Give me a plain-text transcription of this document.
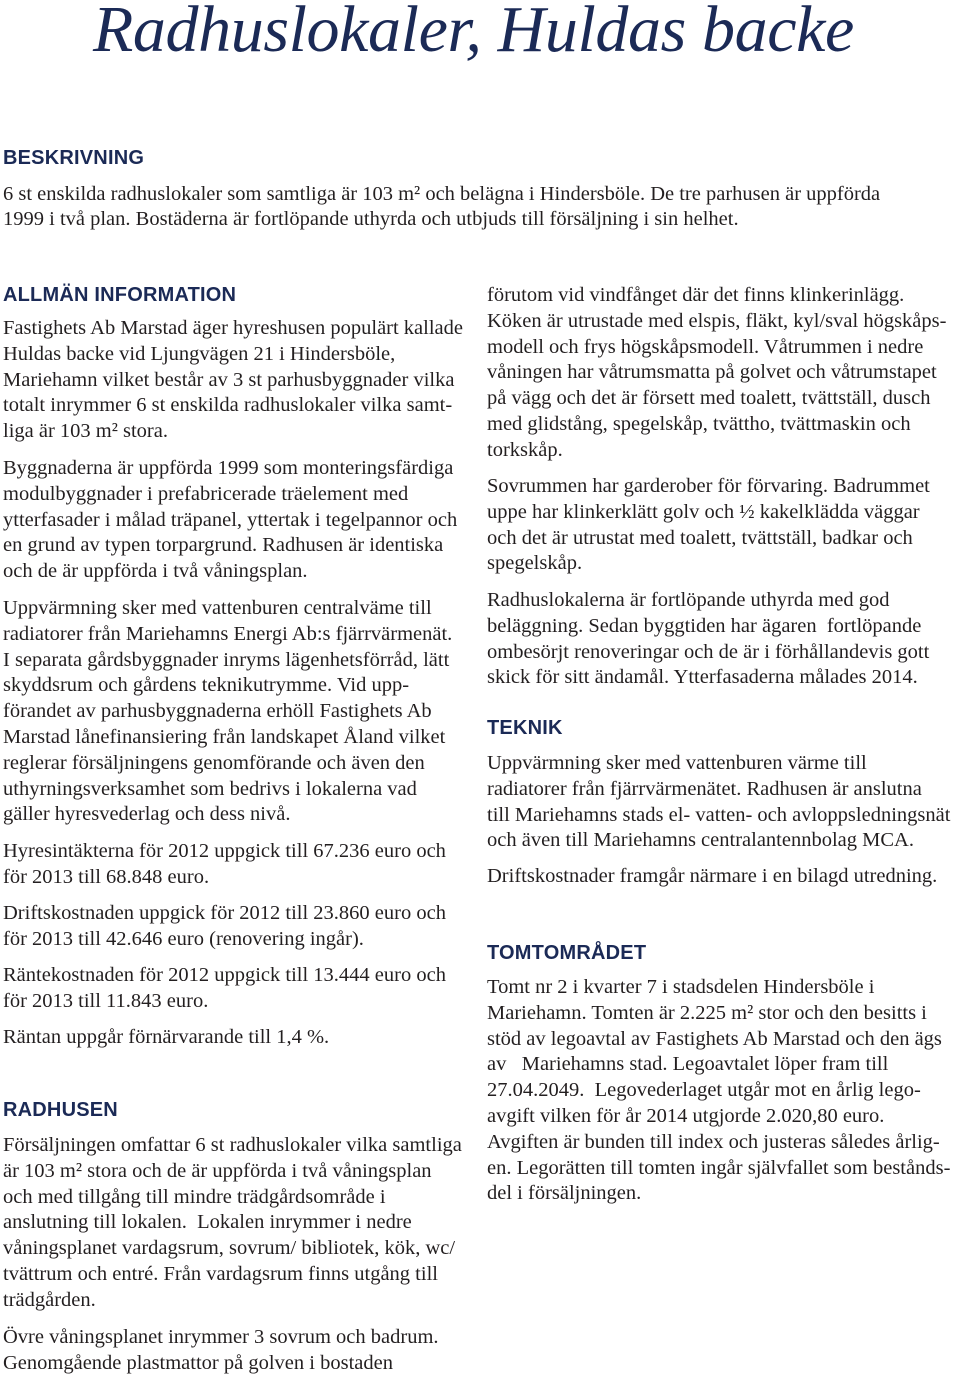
Radhuslokaler, Huldas backe
BESKRIVNING
6 st enskilda radhuslokaler som samtliga är 103 m² och belägna i Hindersböle. De tre parhusen är uppförda
1999 i två plan. Bostäderna är fortlöpande uthyrda och utbjuds till försäljning i sin helhet.
ALLMÄN INFORMATION
Fastighets Ab Marstad äger hyreshusen populärt kallade
Huldas backe vid Ljungvägen 21 i Hindersböle,
Mariehamn vilket består av 3 st parhusbyggnader vilka
totalt inrymmer 6 st enskilda radhuslokaler vilka samt-
liga är 103 m² stora.
Byggnaderna är uppförda 1999 som monteringsfärdiga
modulbyggnader i prefabricerade träelement med
ytterfasader i målad träpanel, yttertak i tegelpannor och
en grund av typen torpargrund. Radhusen är identiska
och de är uppförda i två våningsplan.
Uppvärmning sker med vattenburen centralväme till
radiatorer från Mariehamns Energi Ab:s fjärrvärmenät.
I separata gårdsbyggnader inryms lägenhetsförråd, lätt
skyddsrum och gårdens teknikutrymme. Vid upp-
förandet av parhusbyggnaderna erhöll Fastighets Ab
Marstad lånefinansiering från landskapet Åland vilket
reglerar försäljningens genomförande och även den
uthyrningsverksamhet som bedrivs i lokalerna vad
gäller hyresvederlag och dess nivå.
Hyresintäkterna för 2012 uppgick till 67.236 euro och
för 2013 till 68.848 euro.
Driftskostnaden uppgick för 2012 till 23.860 euro och
för 2013 till 42.646 euro (renovering ingår).
Räntekostnaden för 2012 uppgick till 13.444 euro och
för 2013 till 11.843 euro.
Räntan uppgår förnärvarande till 1,4 %.
RADHUSEN
Försäljningen omfattar 6 st radhuslokaler vilka samtliga
är 103 m² stora och de är uppförda i två våningsplan
och med tillgång till mindre trädgårdsområde i
anslutning till lokalen.  Lokalen inrymmer i nedre
våningsplanet vardagsrum, sovrum/ bibliotek, kök, wc/
tvättrum och entré. Från vardagsrum finns utgång till
trädgården.
Övre våningsplanet inrymmer 3 sovrum och badrum.
Genomgående plastmattor på golven i bostaden
förutom vid vindfånget där det finns klinkerinlägg.
Köken är utrustade med elspis, fläkt, kyl/sval högskåps-
modell och frys högskåpsmodell. Våtrummen i nedre
våningen har våtrumsmatta på golvet och våtrumstapet
på vägg och det är försett med toalett, tvättställ, dusch
med glidstång, spegelskåp, tvättho, tvättmaskin och
torkskåp.
Sovrummen har garderober för förvaring. Badrummet
uppe har klinkerklätt golv och ½ kakelklädda väggar
och det är utrustat med toalett, tvättställ, badkar och
spegelskåp.
Radhuslokalerna är fortlöpande uthyrda med god
beläggning. Sedan byggtiden har ägaren  fortlöpande
ombesörjt renoveringar och de är i förhållandevis gott
skick för sitt ändamål. Ytterfasaderna målades 2014.
TEKNIK
Uppvärmning sker med vattenburen värme till
radiatorer från fjärrvärmenätet. Radhusen är anslutna
till Mariehamns stads el- vatten- och avloppsledningsnät
och även till Mariehamns centralantennbolag MCA.
Driftskostnader framgår närmare i en bilagd utredning.
TOMTOMRÅDET
Tomt nr 2 i kvarter 7 i stadsdelen Hindersböle i
Mariehamn. Tomten är 2.225 m² stor och den besitts i
stöd av legoavtal av Fastighets Ab Marstad och den ägs
av   Mariehamns stad. Legoavtalet löper fram till
27.04.2049.  Legovederlaget utgår mot en årlig lego-
avgift vilken för år 2014 utgjorde 2.020,80 euro.
Avgiften är bunden till index och justeras således årlig-
en. Legorätten till tomten ingår självfallet som bestånds-
del i försäljningen.
